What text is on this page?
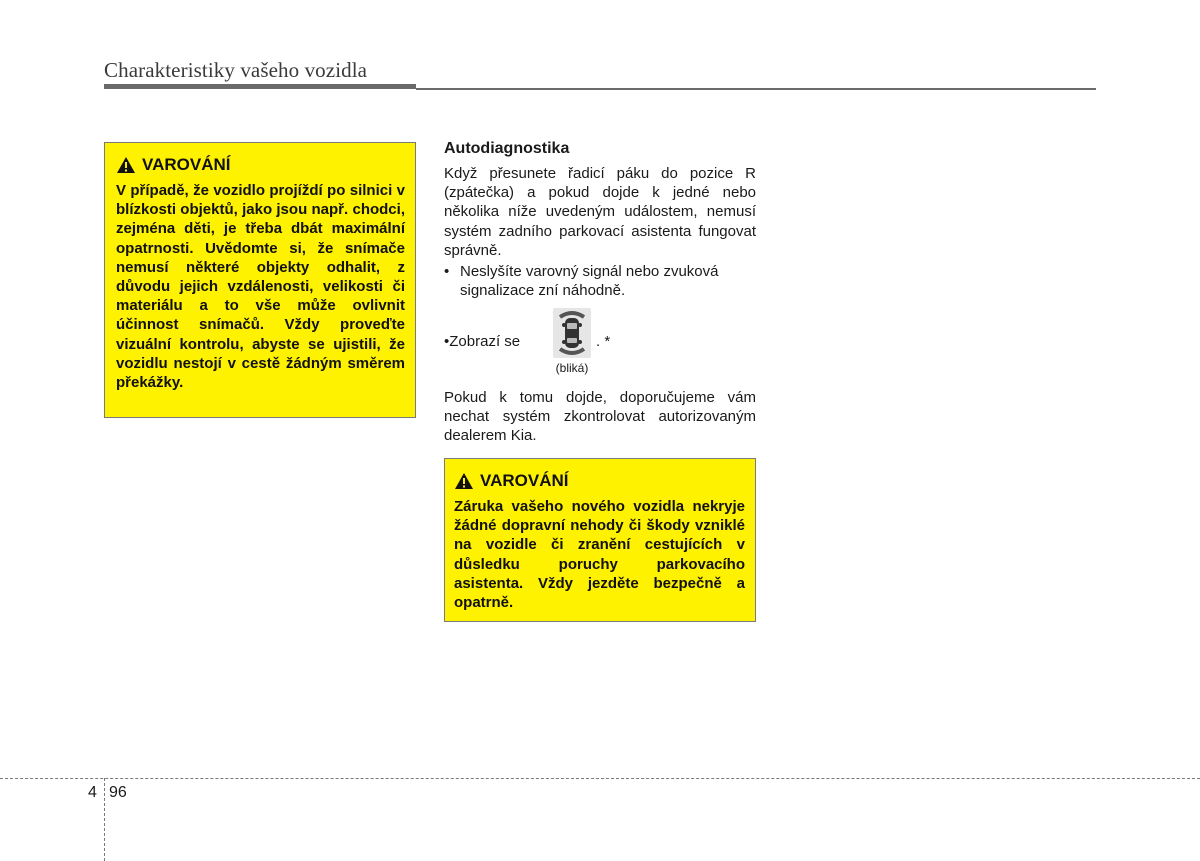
Charakteristiky vašeho vozidla
VAROVÁNÍ
V případě, že vozidlo projíždí po silnici v blízkosti objektů, jako jsou např. chodci, zejména děti, je třeba dbát maximální opatrnosti. Uvědomte si, že snímače nemusí některé objekty odhalit, z důvodu jejich vzdálenosti, velikosti či materiálu a to vše může ovlivnit účinnost snímačů. Vždy proveďte vizuální kontrolu, abyste se ujistili, že vozidlu nestojí v cestě žádným směrem překážky.
Autodiagnostika
Když přesunete řadicí páku do pozice R (zpátečka) a pokud dojde k jedné nebo několika níže uvedeným událostem, nemusí systém zadního parkovací asistenta fungovat správně.
• Neslyšíte varovný signál nebo zvuková signalizace zní náhodně.
• Zobrazí se
(bliká)
. *
Pokud k tomu dojde, doporučujeme vám nechat systém zkontrolovat autorizovaným dealerem Kia.
VAROVÁNÍ
Záruka vašeho nového vozidla nekryje žádné dopravní nehody či škody vzniklé na vozidle či zranění cestujících v důsledku poruchy parkovacího asistenta. Vždy jezděte bezpečně a opatrně.
4 96
